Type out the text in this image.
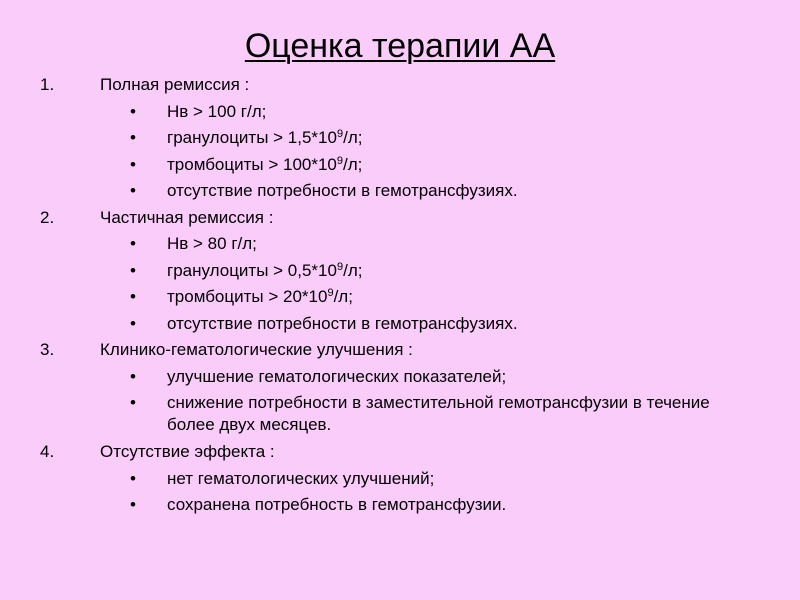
Оценка терапии АА
1.	Полная ремиссия :
• Нв > 100 г/л;
• гранулоциты > $1,5*10^9/л$;
• тромбоциты > $100*10^9/л$;
• отсутствие потребности в гемотрансфузиях.
2.	Частичная ремиссия :
• Нв > 80 г/л;
• гранулоциты > $0,5*10^9/л$;
• тромбоциты > $20*10^9/л$;
• отсутствие потребности в гемотрансфузиях.
3.	Клинико-гематологические улучшения :
• улучшение гематологических показателей;
• снижение потребности в заместительной гемотрансфузии в течение более двух месяцев.
4.	Отсутствие эффекта :
• нет гематологических улучшений;
• сохранена потребность в гемотрансфузии.
